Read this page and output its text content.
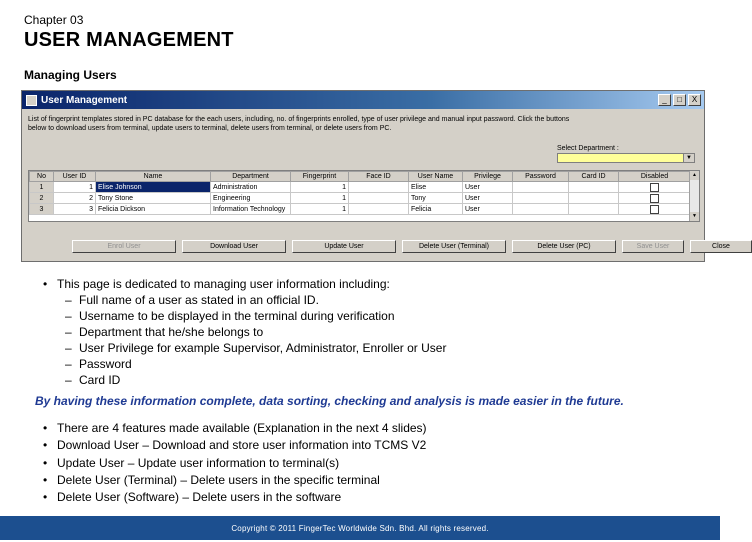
Chapter 03
USER MANAGEMENT
Managing Users
User Management	_	□	X
List of fingerprint templates stored in PC database for the each users, including, no. of fingerprints enrolled, type of user privilege and manual input password. Click the buttons below to download users from terminal, update users to terminal, delete users from terminal, or delete users from PC.
Select Department :
▼
No	User ID	Name	Department	Fingerprint	Face ID	User Name	Privilege	Password	Card ID	Disabled
1	1	Elise Johnson	Administration	1		Elise	User			
2	2	Tony Stone	Engineering	1		Tony	User			
3	3	Felicia Dickson	Information Technology	1		Felicia	User			
▲
▼
Enrol User	Download User	Update User	Delete User (Terminal)	Delete User (PC)	Save User	Close
• This page is dedicated to managing user information including:
– Full name of a user as stated in an official ID.
– Username to be displayed in the terminal during verification
– Department that he/she belongs to
– User Privilege for example Supervisor, Administrator, Enroller or User
– Password
– Card ID
By having these information complete, data sorting, checking and analysis is made easier in the future.
• There are 4 features made available (Explanation in the next 4 slides)
• Download User – Download and store user information into TCMS V2
• Update User – Update user information to terminal(s)
• Delete User (Terminal) – Delete users in the specific terminal
• Delete User (Software) – Delete users in the software
Copyright © 2011 FingerTec Worldwide Sdn. Bhd. All rights reserved.
